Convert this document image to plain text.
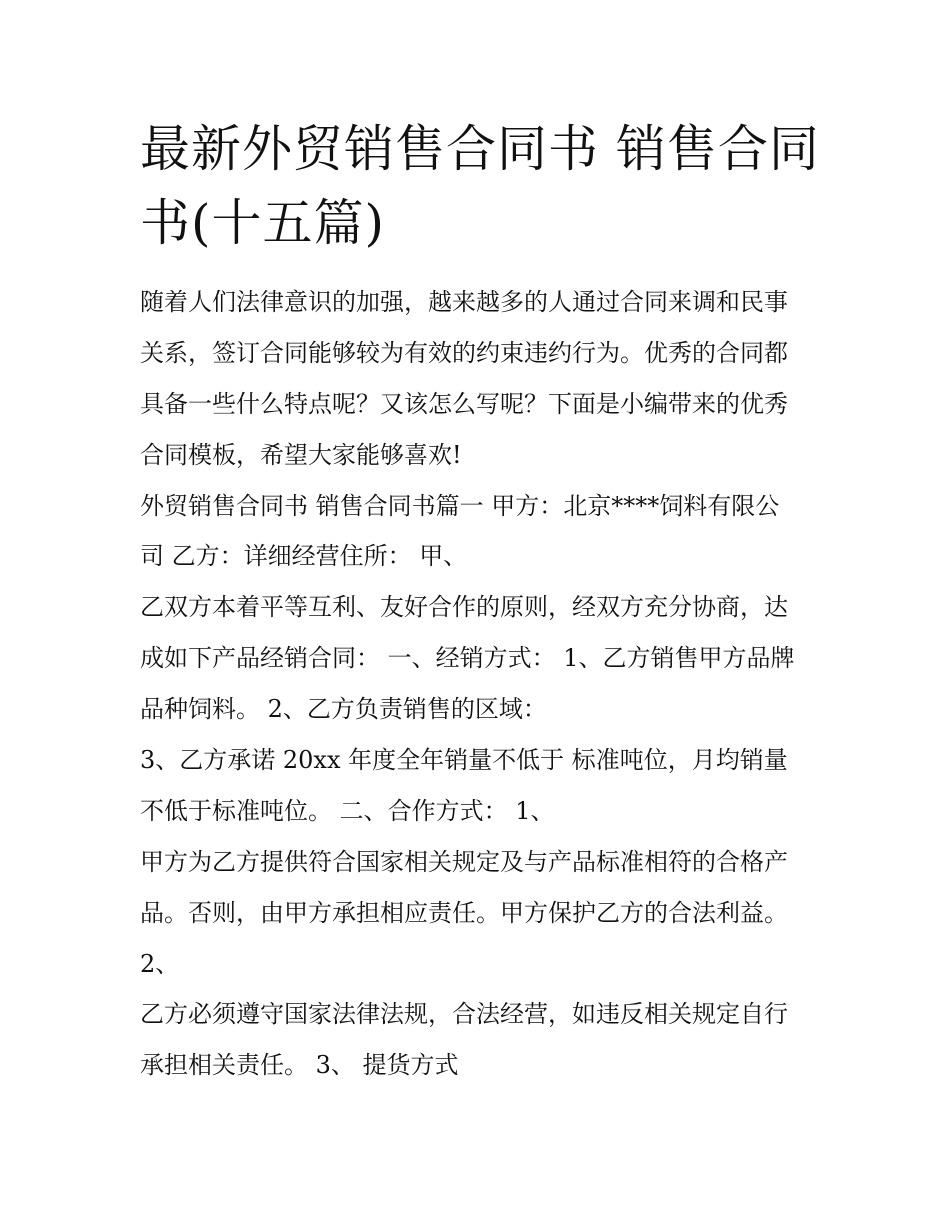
最新外贸销售合同书 销售合同
书(十五篇)
随着人们法律意识的加强，越来越多的人通过合同来调和民事
关系，签订合同能够较为有效的约束违约行为。优秀的合同都
具备一些什么特点呢？又该怎么写呢？下面是小编带来的优秀
合同模板，希望大家能够喜欢!
外贸销售合同书 销售合同书篇一 甲方：北京****饲料有限公
司 乙方：详细经营住所： 甲、
乙双方本着平等互利、友好合作的原则，经双方充分协商，达
成如下产品经销合同： 一、经销方式： 1、乙方销售甲方品牌
品种饲料。 2、乙方负责销售的区域：
3、乙方承诺 20xx 年度全年销量不低于 标准吨位，月均销量
不低于标准吨位。 二、合作方式： 1、
甲方为乙方提供符合国家相关规定及与产品标准相符的合格产
品。否则，由甲方承担相应责任。甲方保护乙方的合法利益。
2、
乙方必须遵守国家法律法规，合法经营，如违反相关规定自行
承担相关责任。 3、 提货方式
